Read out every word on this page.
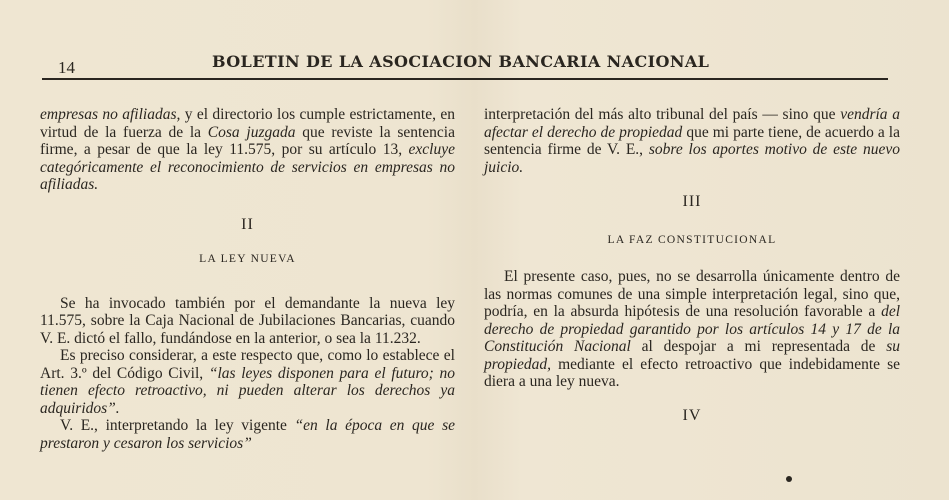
14	BOLETIN DE LA ASOCIACION BANCARIA NACIONAL

empresas no afiliadas, y el directorio los cumple estrictamente, en virtud de la fuerza de la Cosa juzgada que reviste la sentencia firme, a pesar de que la ley 11.575, por su artículo 13, excluye categóricamente el reconocimiento de servicios en empresas no afiliadas.

II
LA LEY NUEVA

Se ha invocado también por el demandante la nueva ley 11.575, sobre la Caja Nacional de Jubilaciones Bancarias, cuando V. E. dictó el fallo, fundándose en la anterior, o sea la 11.232.

Es preciso considerar, a este respecto que, como lo establece el Art. 3.º del Código Civil, “las leyes disponen para el futuro; no tienen efecto retroactivo, ni pueden alterar los derechos ya adquiridos”.

V. E., interpretando la ley vigente “en la época en que se prestaron y cesaron los servicios”

interpretación del más alto tribunal del país — sino que vendría a afectar el derecho de propiedad que mi parte tiene, de acuerdo a la sentencia firme de V. E., sobre los aportes motivo de este nuevo juicio.

III
LA FAZ CONSTITUCIONAL

El presente caso, pues, no se desarrolla únicamente dentro de las normas comunes de una simple interpretación legal, sino que, podría, en la absurda hipótesis de una resolución favorable a del derecho de propiedad garantido por los artículos 14 y 17 de la Constitución Nacional al despojar a mi representada de su propiedad, mediante el efecto retroactivo que indebidamente se diera a una ley nueva.

IV
